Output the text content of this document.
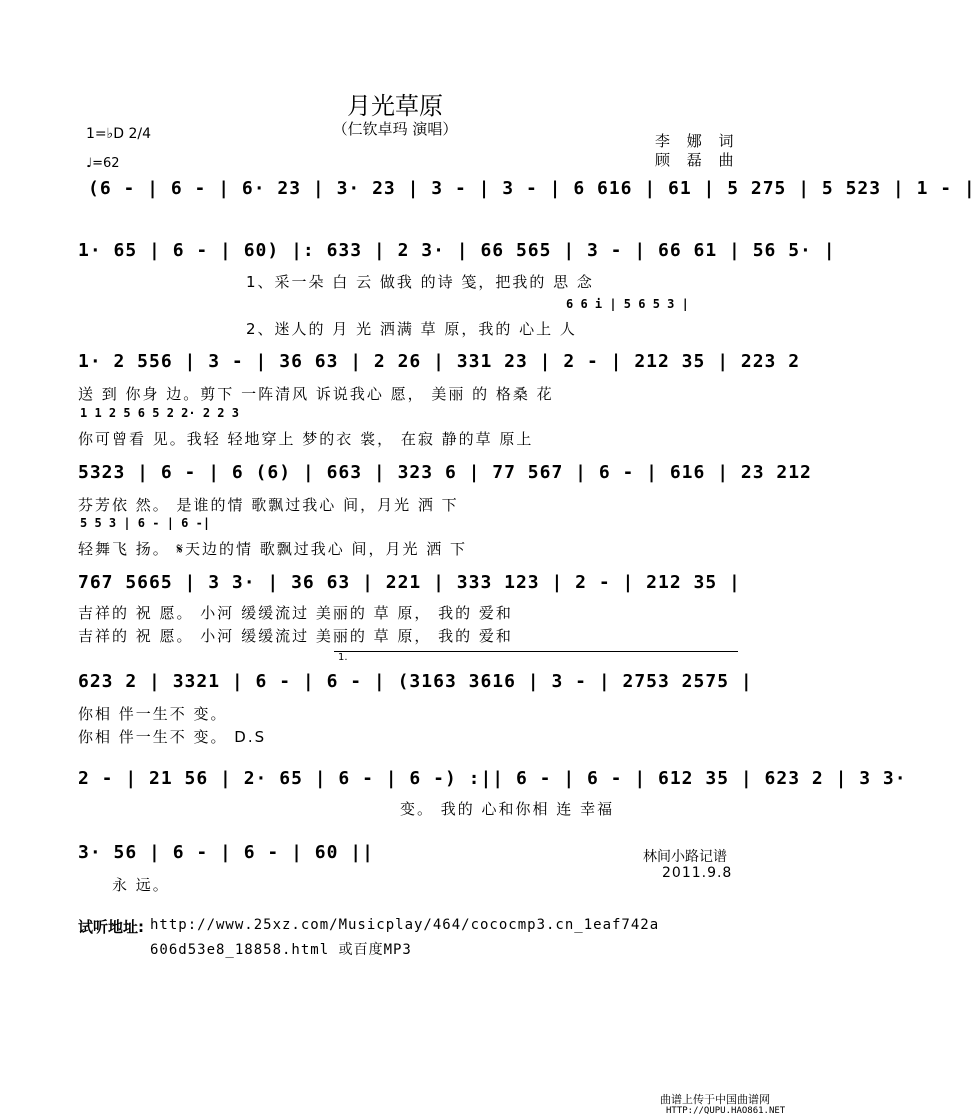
月光草原
（仁钦卓玛 演唱）
李 娜 词
顾 磊 曲
1=♭D 2/4
♩=62
(6 - | 6 - | 6· 23 | 3· 23 | 3 - | 3 - | 6 616 | 61 | 5 275 | 5 523 | 1 - |
1· 65 | 6 - | 60) |: 633 | 2 3· | 66 565 | 3 - | 66 61 | 56 5· |
1、采一朵 白 云 做我 的诗 笺，把我的 思 念
6 6 i | 5 6 5 3 |
2、迷人的 月 光 洒满 草 原，我的 心上 人
1· 2 556 | 3 - | 36 63 | 2 26 | 331 23 | 2 - | 212 35 | 223 2
送 到 你身 边。剪下 一阵清风 诉说我心 愿， 美丽 的 格桑 花
1 1 2 5 6 5 2 2· 2 2 3
你可曾看 见。我轻 轻地穿上 梦的衣 裳， 在寂 静的草 原上
5323 | 6 - | 6 (6) | 663 | 323 6 | 77 567 | 6 - | 616 | 23 212
芬芳依 然。 是谁的情 歌飘过我心 间，月光 洒 下
5 5 3 | 6 - | 6 -|
轻舞飞 扬。 𝄋天边的情 歌飘过我心 间，月光 洒 下
767 5665 | 3 3· | 36 63 | 221 | 333 123 | 2 - | 212 35 |
吉祥的 祝 愿。 小河 缓缓流过 美丽的 草 原， 我的 爱和
吉祥的 祝 愿。 小河 缓缓流过 美丽的 草 原， 我的 爱和
1.
623 2 | 3321 | 6 - | 6 - | (3163 3616 | 3 - | 2753 2575 |
你相 伴一生不 变。
你相 伴一生不 变。 D.S
2 - | 21 56 | 2· 65 | 6 - | 6 -) :|| 6 - | 6 - | 612 35 | 623 2 | 3 3·
变。 我的 心和你相 连 幸福
3· 56 | 6 - | 6 - | 60 ||
永 远。
林间小路记谱
2011.9.8
试听地址: http://www.25xz.com/Musicplay/464/cococmp3.cn_1eaf742a
606d53e8_18858.html 或百度MP3
曲谱上传于中国曲谱网
HTTP://QUPU.HAO861.NET
